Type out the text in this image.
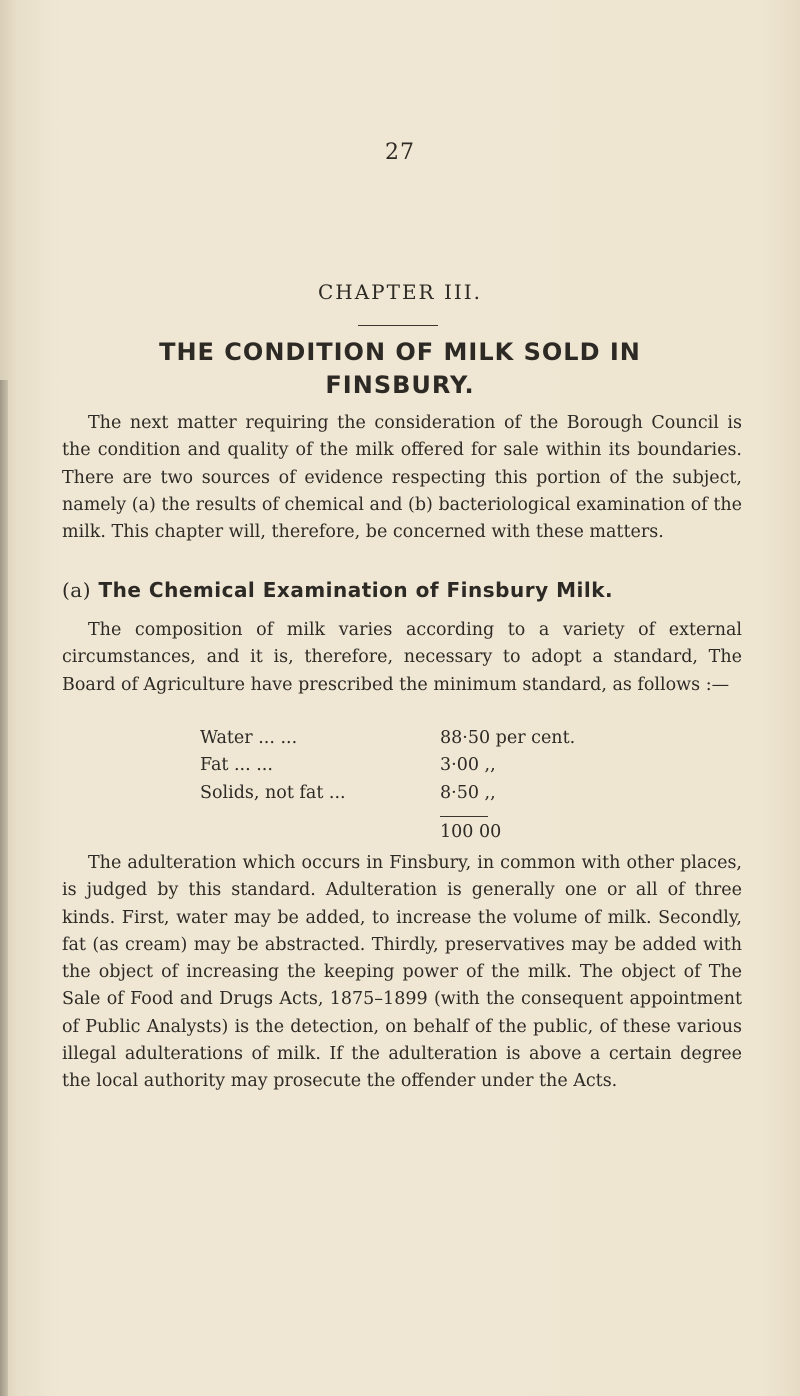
27
CHAPTER III.
THE CONDITION OF MILK SOLD IN
FINSBURY.
The next matter requiring the consideration of the Borough Council is the condition and quality of the milk offered for sale within its boundaries. There are two sources of evidence respecting this portion of the subject, namely (a) the results of chemical and (b) bacteriological examination of the milk. This chapter will, therefore, be concerned with these matters.
(a) The Chemical Examination of Finsbury Milk.
The composition of milk varies according to a variety of external circumstances, and it is, therefore, necessary to adopt a standard, The Board of Agriculture have prescribed the minimum standard, as follows :—
Water ... ...	88·50 per cent.
Fat ... ...	3·00 ,,
Solids, not fat ...	8·50 ,,
100 00
The adulteration which occurs in Finsbury, in common with other places, is judged by this standard. Adulteration is generally one or all of three kinds. First, water may be added, to increase the volume of milk. Secondly, fat (as cream) may be abstracted. Thirdly, preservatives may be added with the object of increasing the keeping power of the milk. The object of The Sale of Food and Drugs Acts, 1875–1899 (with the consequent appointment of Public Analysts) is the detection, on behalf of the public, of these various illegal adulterations of milk. If the adulteration is above a certain degree the local authority may prosecute the offender under the Acts.
